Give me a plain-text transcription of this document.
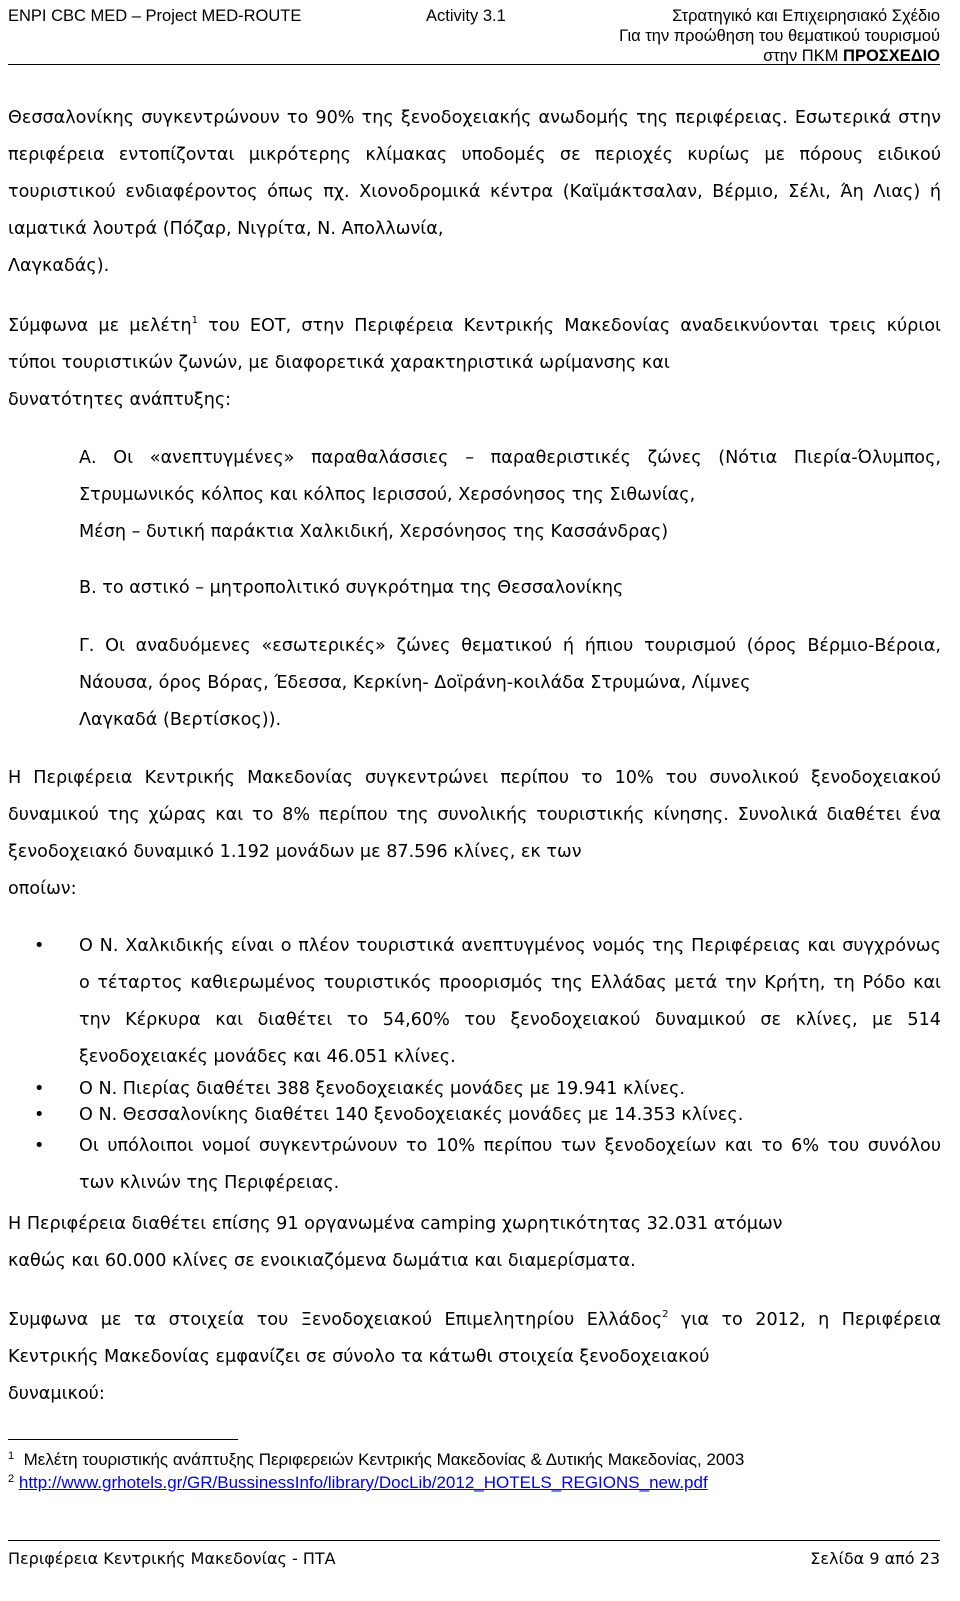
ENPI CBC MED – Project MED-ROUTE	Activity 3.1	Στρατηγικό και Επιχειρησιακό Σχέδιο
Για την προώθηση του θεματικού τουρισμού
στην ΠΚΜ ΠΡΟΣΧΕΔΙΟ

Θεσσαλονίκης συγκεντρώνουν το 90% της ξενοδοχειακής ανωδομής της περιφέρειας. Εσωτερικά στην περιφέρεια εντοπίζονται μικρότερης κλίμακας υποδομές σε περιοχές κυρίως με πόρους ειδικού τουριστικού ενδιαφέροντος όπως πχ. Χιονοδρομικά κέντρα (Καϊμάκτσαλαν, Βέρμιο, Σέλι, Άη Λιας) ή ιαματικά λουτρά (Πόζαρ, Νιγρίτα, Ν. Απολλωνία,
Λαγκαδάς).

Σύμφωνα με μελέτη$^1$ του ΕΟΤ, στην Περιφέρεια Κεντρικής Μακεδονίας αναδεικνύονται τρεις κύριοι τύποι τουριστικών ζωνών, με διαφορετικά χαρακτηριστικά ωρίμανσης και
δυνατότητες ανάπτυξης:

Α. Οι «ανεπτυγμένες» παραθαλάσσιες – παραθεριστικές ζώνες (Νότια Πιερία-Όλυμπος, Στρυμωνικός κόλπος και κόλπος Ιερισσού, Χερσόνησος της Σιθωνίας,
Μέση – δυτική παράκτια Χαλκιδική, Χερσόνησος της Κασσάνδρας)

Β. το αστικό – μητροπολιτικό συγκρότημα της Θεσσαλονίκης

Γ. Οι αναδυόμενες «εσωτερικές» ζώνες θεματικού ή ήπιου τουρισμού (όρος Βέρμιο-Βέροια, Νάουσα, όρος Βόρας, Έδεσσα, Κερκίνη- Δοϊράνη-κοιλάδα Στρυμώνα, Λίμνες
Λαγκαδά (Βερτίσκος)).

Η Περιφέρεια Κεντρικής Μακεδονίας συγκεντρώνει περίπου το 10% του συνολικού ξενοδοχειακού δυναμικού της χώρας και το 8% περίπου της συνολικής τουριστικής κίνησης. Συνολικά διαθέτει ένα ξενοδοχειακό δυναμικό 1.192 μονάδων με 87.596 κλίνες, εκ των
οποίων:

• Ο Ν. Χαλκιδικής είναι ο πλέον τουριστικά ανεπτυγμένος νομός της Περιφέρειας και συγχρόνως ο τέταρτος καθιερωμένος τουριστικός προορισμός της Ελλάδας μετά την Κρήτη, τη Ρόδο και την Κέρκυρα και διαθέτει το 54,60% του ξενοδοχειακού δυναμικού σε κλίνες, με 514 ξενοδοχειακές μονάδες και 46.051 κλίνες.
• Ο Ν. Πιερίας διαθέτει 388 ξενοδοχειακές μονάδες με 19.941 κλίνες.
• Ο Ν. Θεσσαλονίκης διαθέτει 140 ξενοδοχειακές μονάδες με 14.353 κλίνες.
• Οι υπόλοιποι νομοί συγκεντρώνουν το 10% περίπου των ξενοδοχείων και το 6% του συνόλου των κλινών της Περιφέρειας.

Η Περιφέρεια διαθέτει επίσης 91 οργανωμένα camping χωρητικότητας 32.031 ατόμων
καθώς και 60.000 κλίνες σε ενοικιαζόμενα δωμάτια και διαμερίσματα.

Συμφωνα με τα στοιχεία του Ξενοδοχειακού Επιμελητηρίου Ελλάδος$^2$ για το 2012, η Περιφέρεια Κεντρικής Μακεδονίας εμφανίζει σε σύνολο τα κάτωθι στοιχεία ξενοδοχειακού
δυναμικού:

$^1$ Μελέτη τουριστικής ανάπτυξης Περιφερειών Κεντρικής Μακεδονίας & Δυτικής Μακεδονίας, 2003
$^2$ http://www.grhotels.gr/GR/BussinessInfo/library/DocLib/2012_HOTELS_REGIONS_new.pdf
Περιφέρεια Κεντρικής Μακεδονίας - ΠΤΑ	Σελίδα 9 από 23
